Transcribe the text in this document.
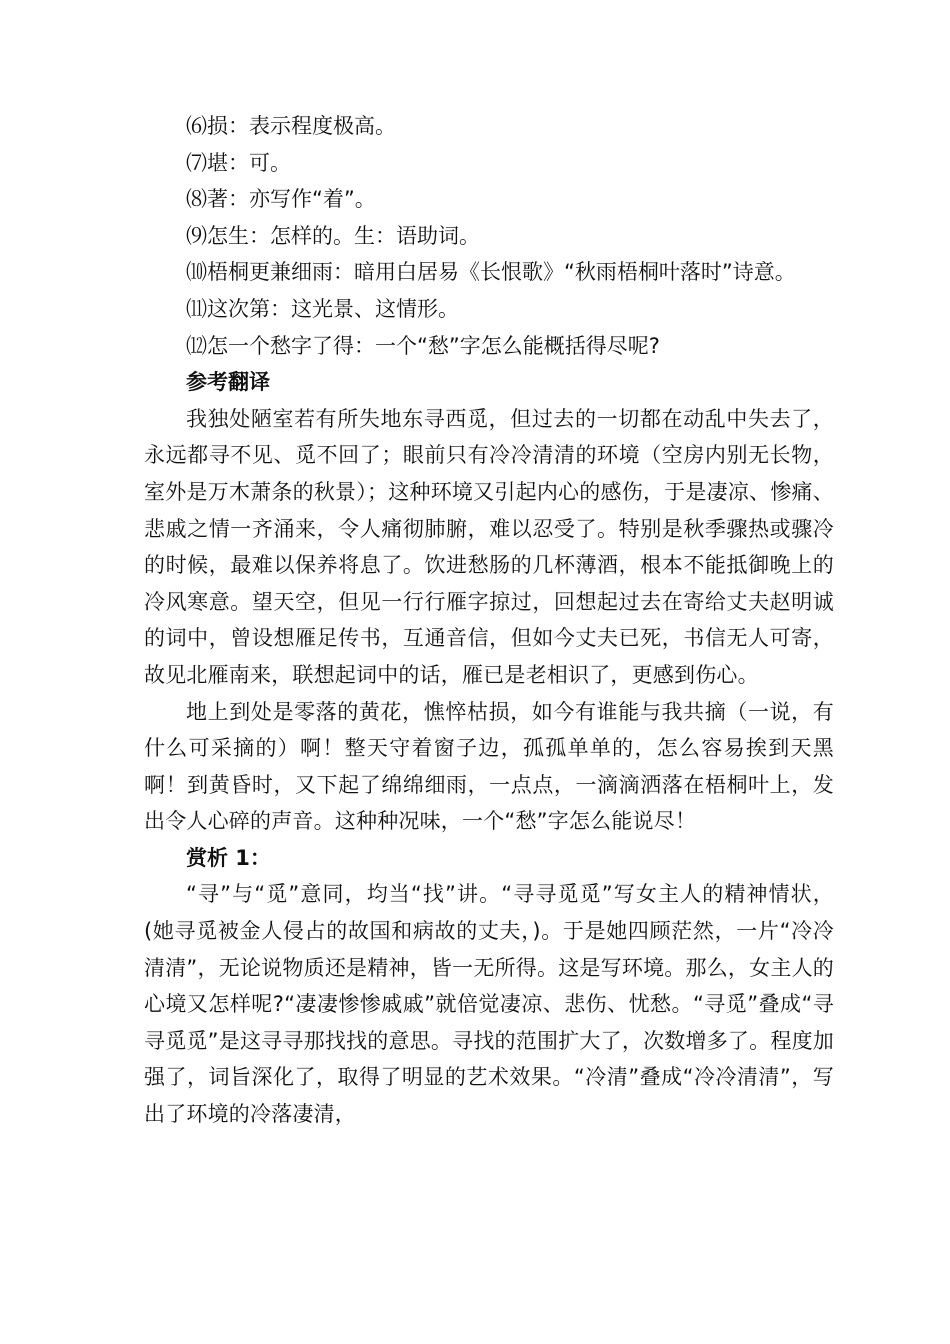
⑹损：表示程度极高。

⑺堪：可。

⑻著：亦写作“着”。

⑼怎生：怎样的。生：语助词。

⑽梧桐更兼细雨：暗用白居易《长恨歌》“秋雨梧桐叶落时”诗意。

⑾这次第：这光景、这情形。

⑿怎一个愁字了得：一个“愁”字怎么能概括得尽呢?

参考翻译

我独处陋室若有所失地东寻西觅，但过去的一切都在动乱中失去了，永远都寻不见、觅不回了；眼前只有冷冷清清的环境（空房内别无长物，室外是万木萧条的秋景）；这种环境又引起内心的感伤，于是凄凉、惨痛、悲戚之情一齐涌来，令人痛彻肺腑，难以忍受了。特别是秋季骤热或骤冷的时候，最难以保养将息了。饮进愁肠的几杯薄酒，根本不能抵御晚上的冷风寒意。望天空，但见一行行雁字掠过，回想起过去在寄给丈夫赵明诚的词中，曾设想雁足传书，互通音信，但如今丈夫已死，书信无人可寄，故见北雁南来，联想起词中的话，雁已是老相识了，更感到伤心。

地上到处是零落的黄花，憔悴枯损，如今有谁能与我共摘（一说，有什么可采摘的）啊！整天守着窗子边，孤孤单单的，怎么容易挨到天黑啊！到黄昏时，又下起了绵绵细雨，一点点，一滴滴洒落在梧桐叶上，发出令人心碎的声音。这种种况味，一个“愁”字怎么能说尽！

赏析 1：

“寻”与“觅”意同，均当“找”讲。“寻寻觅觅”写女主人的精神情状，(她寻觅被金人侵占的故国和病故的丈夫，)。于是她四顾茫然，一片“冷冷清清”，无论说物质还是精神，皆一无所得。这是写环境。那么，女主人的心境又怎样呢?“凄凄惨惨戚戚”就倍觉凄凉、悲伤、忧愁。“寻觅”叠成“寻寻觅觅”是这寻寻那找找的意思。寻找的范围扩大了，次数增多了。程度加强了，词旨深化了，取得了明显的艺术效果。“冷清”叠成“冷冷清清”，写出了环境的冷落凄清，
